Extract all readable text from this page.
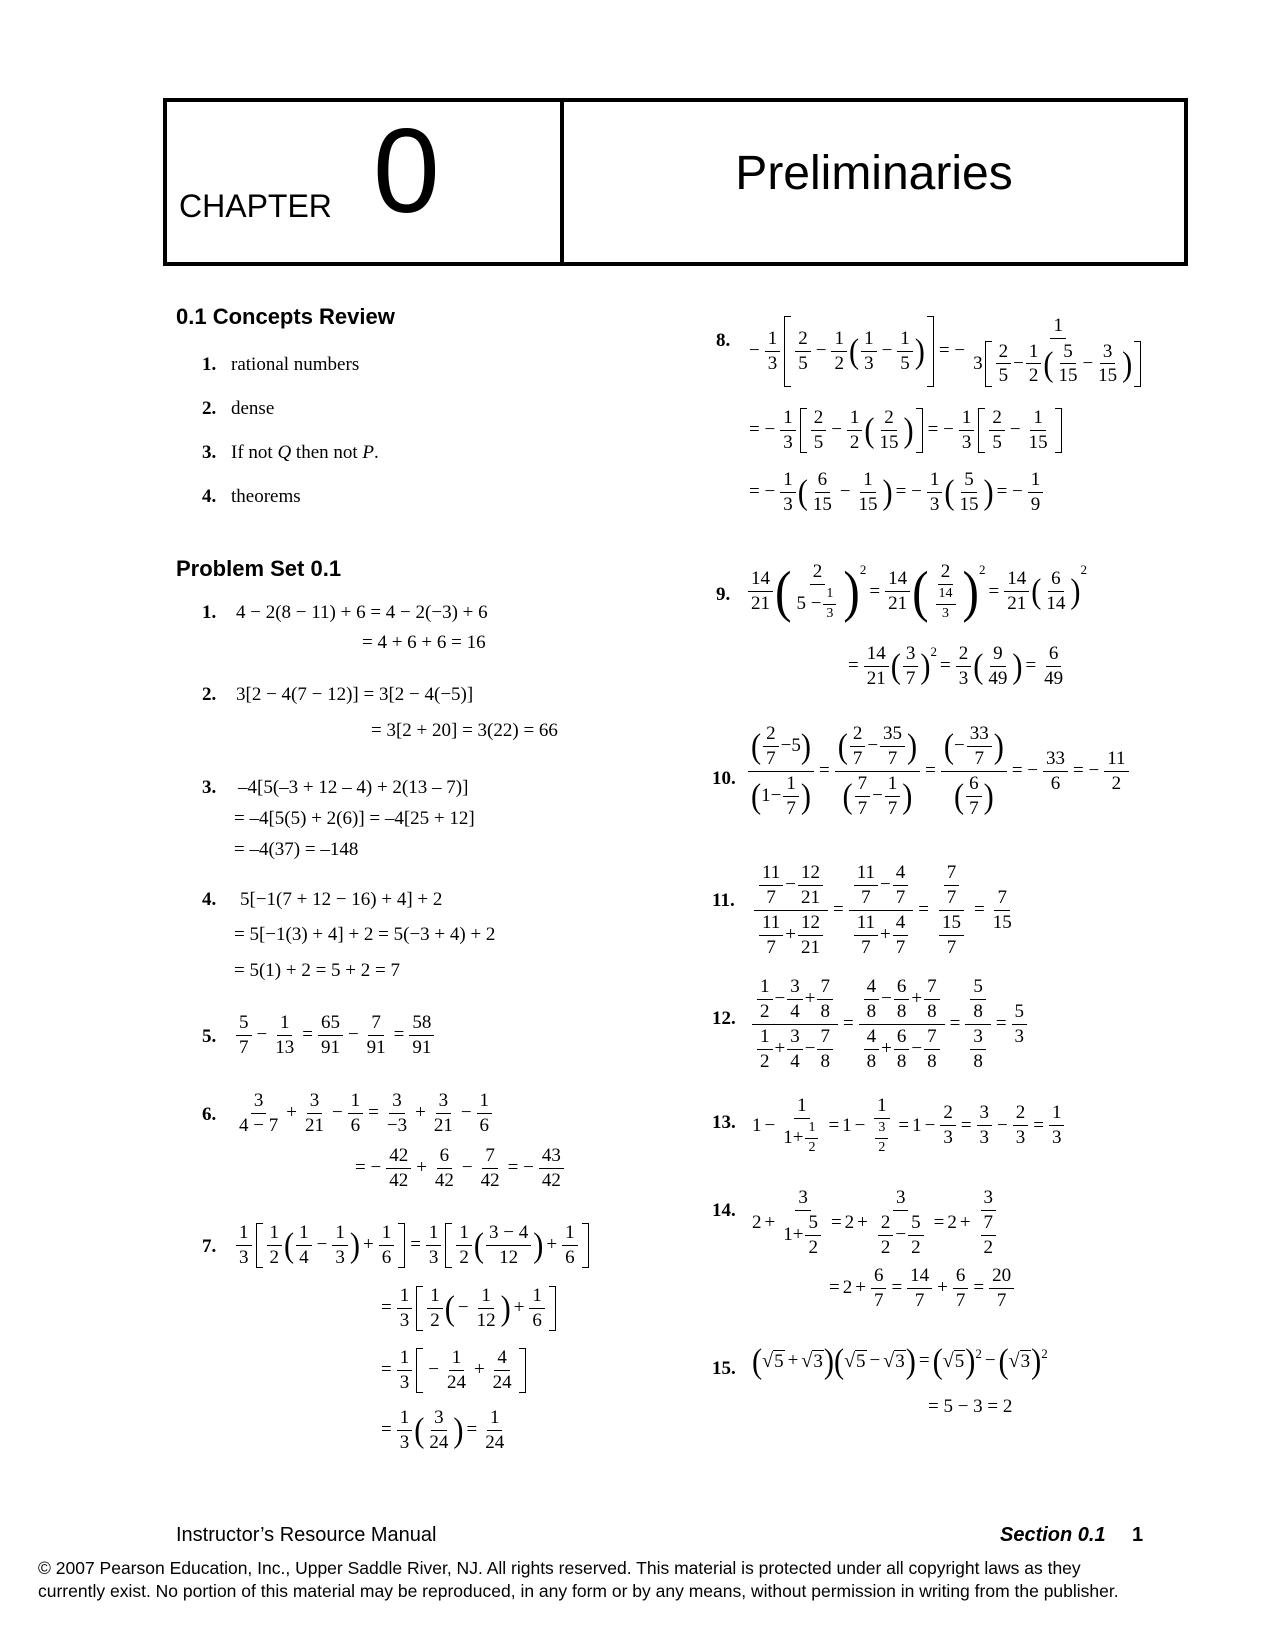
CHAPTER 0	Preliminaries
0.1 Concepts Review
1. rational numbers
2. dense
3. If not Q then not P.
4. theorems
Problem Set 0.1
1. 4 − 2(8 − 11) + 6 = 4 − 2(−3) + 6
= 4 + 6 + 6 = 16
2. 3[2 − 4(7 − 12)] = 3[2 − 4(−5)]
= 3[2 + 20] = 3(22) = 66
3. –4[5(–3 + 12 – 4) + 2(13 – 7)]
= –4[5(5) + 2(6)] = –4[25 + 12]
= –4(37) = –148
4. 5[−1(7 + 12 − 16) + 4] + 2
= 5[−1(3) + 4] + 2 = 5(−3 + 4) + 2
= 5(1) + 2 = 5 + 2 = 7
5. $\frac{5}{7} - \frac{1}{13} = \frac{65}{91} - \frac{7}{91} = \frac{58}{91}$
6. $\frac{3}{4 - 7} + \frac{3}{21} - \frac{1}{6} = \frac{3}{-3} + \frac{3}{21} - \frac{1}{6}$
= − $\frac{42}{42} + \frac{6}{42} - \frac{7}{42}$ = − $\frac{43}{42}$
7. $\frac{1}{3} \frac{1}{2}$ ( $\frac{1}{4} - \frac{1}{3}$ ) + $\frac{1}{6} = \frac{1}{3} \frac{1}{2}$ ( $\frac{3 - 4}{12}$ ) + $\frac{1}{6}$
= $\frac{1}{3} \frac{1}{2}$ ( − $\frac{1}{12}$ ) + $\frac{1}{6}$
= $\frac{1}{3} - \frac{1}{24} + \frac{4}{24}$
= $\frac{1}{3}$ ( $\frac{3}{24}$ ) = $\frac{1}{24}$
8. − $\frac{1}{3} \frac{2}{5} - \frac{1}{2}$ ( $\frac{1}{3} - \frac{1}{5}$ ) = − $\frac{1}{3 \frac{2}{5} - \frac{1}{2} ( \frac{5}{15} - \frac{3}{15} )}$
= − $\frac{1}{3} \frac{2}{5} - \frac{1}{2}$ ( $\frac{2}{15}$ ) = − $\frac{1}{3} \frac{2}{5} - \frac{1}{15}$
= − $\frac{1}{3}$ ( $\frac{6}{15} - \frac{1}{15}$ ) = − $\frac{1}{3}$ ( $\frac{5}{15}$ ) = − $\frac{1}{9}$
9. $\frac{14}{21}$ ( $\frac{2}{5 - \frac{1}{3}} )^2$
= $\frac{14}{21}$ ( $\frac{2}{\frac{14}{3}} )^2$
= $\frac{14}{21}$ ( $\frac{6}{14}$ )
$^2$
= $\frac{14}{21}$ ( $\frac{3}{7} )^2$
= $\frac{2}{3}$ ( $\frac{9}{49}$ ) = $\frac{6}{49}$
10. $\frac{( \frac{2}{7} -5 )}{( 1- \frac{1}{7} )} = \frac{( \frac{2}{7} - \frac{35}{7} )}{( \frac{7}{7} - \frac{1}{7} )} = \frac{( - \frac{33}{7} )}{( \frac{6}{7} )}$ = − $\frac{33}{6}$ = − $\frac{11}{2}$
11. $\frac{\frac{11}{7} - \frac{12}{21}}{\frac{11}{7} + \frac{12}{21}} = \frac{\frac{11}{7} - \frac{4}{7}}{\frac{11}{7} + \frac{4}{7}} = \frac{\frac{7}{7}}{\frac{15}{7}} = \frac{7}{15}$
12. $\frac{\frac{1}{2} - \frac{3}{4} + \frac{7}{8}}{\frac{1}{2} + \frac{3}{4} - \frac{7}{8}} = \frac{\frac{4}{8} - \frac{6}{8} + \frac{7}{8}}{\frac{4}{8} + \frac{6}{8} - \frac{7}{8}} = \frac{\frac{5}{8}}{\frac{3}{8}} = \frac{5}{3}$
13. $1 - \frac{1}{1+ \frac{1}{2}} = 1 - \frac{1}{\frac{3}{2}} = 1 - \frac{2}{3} = \frac{3}{3} - \frac{2}{3} = \frac{1}{3}$
14.
$2 + \frac{3}{1+ \frac{5}{2}} = 2 + \frac{3}{\frac{2}{2} - \frac{5}{2}} = 2 + \frac{3}{\frac{7}{2}}$
= $2 + \frac{6}{7} = \frac{14}{7} + \frac{6}{7} = \frac{20}{7}$
15. ( √ 5 + √ 3 ) ( √ 5 − √ 3 ) = ( √ 5 )$^2$ − ( √ 3 )$^2$
= 5 − 3 = 2
Instructor’s Resource Manual	Section 0.1 1
© 2007 Pearson Education, Inc., Upper Saddle River, NJ. All rights reserved. This material is protected under all copyright laws as they
currently exist. No portion of this material may be reproduced, in any form or by any means, without permission in writing from the publisher.
